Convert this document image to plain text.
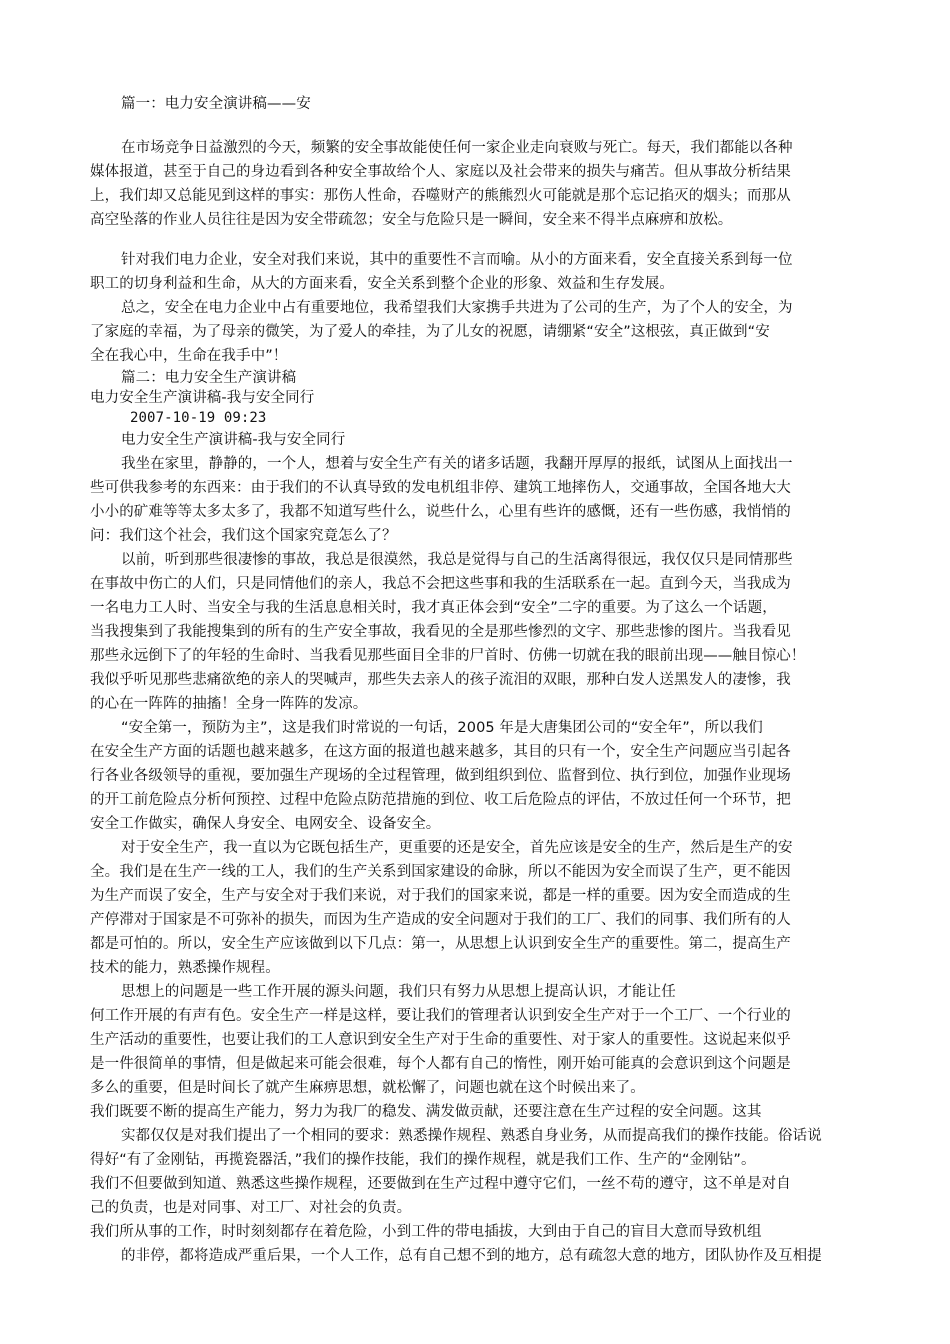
篇一：电力安全演讲稿——安
在市场竞争日益激烈的今天，频繁的安全事故能使任何一家企业走向衰败与死亡。每天，我们都能以各种
媒体报道，甚至于自己的身边看到各种安全事故给个人、家庭以及社会带来的损失与痛苦。但从事故分析结果
上，我们却又总能见到这样的事实：那伤人性命，吞噬财产的熊熊烈火可能就是那个忘记掐灭的烟头；而那从
高空坠落的作业人员往往是因为安全带疏忽；安全与危险只是一瞬间，安全来不得半点麻痹和放松。
针对我们电力企业，安全对我们来说，其中的重要性不言而喻。从小的方面来看，安全直接关系到每一位
职工的切身利益和生命，从大的方面来看，安全关系到整个企业的形象、效益和生存发展。
总之，安全在电力企业中占有重要地位，我希望我们大家携手共进为了公司的生产，为了个人的安全，为
了家庭的幸福，为了母亲的微笑，为了爱人的牵挂，为了儿女的祝愿，请绷紧“安全”这根弦，真正做到“安
全在我心中，生命在我手中”！
篇二：电力安全生产演讲稿
电力安全生产演讲稿-我与安全同行
2007-10-19 09:23
电力安全生产演讲稿-我与安全同行
我坐在家里，静静的，一个人，想着与安全生产有关的诸多话题，我翻开厚厚的报纸，试图从上面找出一
些可供我参考的东西来：由于我们的不认真导致的发电机组非停、建筑工地摔伤人，交通事故，全国各地大大
小小的矿难等等太多太多了，我都不知道写些什么，说些什么，心里有些许的感慨，还有一些伤感，我悄悄的
问：我们这个社会，我们这个国家究竟怎么了？
以前，听到那些很凄惨的事故，我总是很漠然，我总是觉得与自己的生活离得很远，我仅仅只是同情那些
在事故中伤亡的人们，只是同情他们的亲人，我总不会把这些事和我的生活联系在一起。直到今天，当我成为
一名电力工人时、当安全与我的生活息息相关时，我才真正体会到“安全”二字的重要。为了这么一个话题，
当我搜集到了我能搜集到的所有的生产安全事故，我看见的全是那些惨烈的文字、那些悲惨的图片。当我看见
那些永远倒下了的年轻的生命时、当我看见那些面目全非的尸首时、仿佛一切就在我的眼前出现——触目惊心！
我似乎听见那些悲痛欲绝的亲人的哭喊声，那些失去亲人的孩子流泪的双眼，那种白发人送黑发人的凄惨，我
的心在一阵阵的抽搐！全身一阵阵的发凉。
“安全第一，预防为主”，这是我们时常说的一句话，2005 年是大唐集团公司的“安全年”，所以我们
在安全生产方面的话题也越来越多，在这方面的报道也越来越多，其目的只有一个，安全生产问题应当引起各
行各业各级领导的重视，要加强生产现场的全过程管理，做到组织到位、监督到位、执行到位，加强作业现场
的开工前危险点分析何预控、过程中危险点防范措施的到位、收工后危险点的评估，不放过任何一个环节，把
安全工作做实，确保人身安全、电网安全、设备安全。
对于安全生产，我一直以为它既包括生产，更重要的还是安全，首先应该是安全的生产，然后是生产的安
全。我们是在生产一线的工人，我们的生产关系到国家建设的命脉，所以不能因为安全而误了生产，更不能因
为生产而误了安全，生产与安全对于我们来说，对于我们的国家来说，都是一样的重要。因为安全而造成的生
产停滞对于国家是不可弥补的损失，而因为生产造成的安全问题对于我们的工厂、我们的同事、我们所有的人
都是可怕的。所以，安全生产应该做到以下几点：第一，从思想上认识到安全生产的重要性。第二，提高生产
技术的能力，熟悉操作规程。
思想上的问题是一些工作开展的源头问题，我们只有努力从思想上提高认识，才能让任
何工作开展的有声有色。安全生产一样是这样，要让我们的管理者认识到安全生产对于一个工厂、一个行业的
生产活动的重要性，也要让我们的工人意识到安全生产对于生命的重要性、对于家人的重要性。这说起来似乎
是一件很简单的事情，但是做起来可能会很难，每个人都有自己的惰性，刚开始可能真的会意识到这个问题是
多么的重要，但是时间长了就产生麻痹思想，就松懈了，问题也就在这个时候出来了。
我们既要不断的提高生产能力，努力为我厂的稳发、满发做贡献，还要注意在生产过程的安全问题。这其
实都仅仅是对我们提出了一个相同的要求：熟悉操作规程、熟悉自身业务，从而提高我们的操作技能。俗话说
得好“有了金刚钻，再揽瓷器活，”我们的操作技能，我们的操作规程，就是我们工作、生产的“金刚钻”。
我们不但要做到知道、熟悉这些操作规程，还要做到在生产过程中遵守它们，一丝不苟的遵守，这不单是对自
己的负责，也是对同事、对工厂、对社会的负责。
我们所从事的工作，时时刻刻都存在着危险，小到工件的带电插拔，大到由于自己的盲目大意而导致机组
的非停，都将造成严重后果，一个人工作，总有自己想不到的地方，总有疏忽大意的地方，团队协作及互相提
